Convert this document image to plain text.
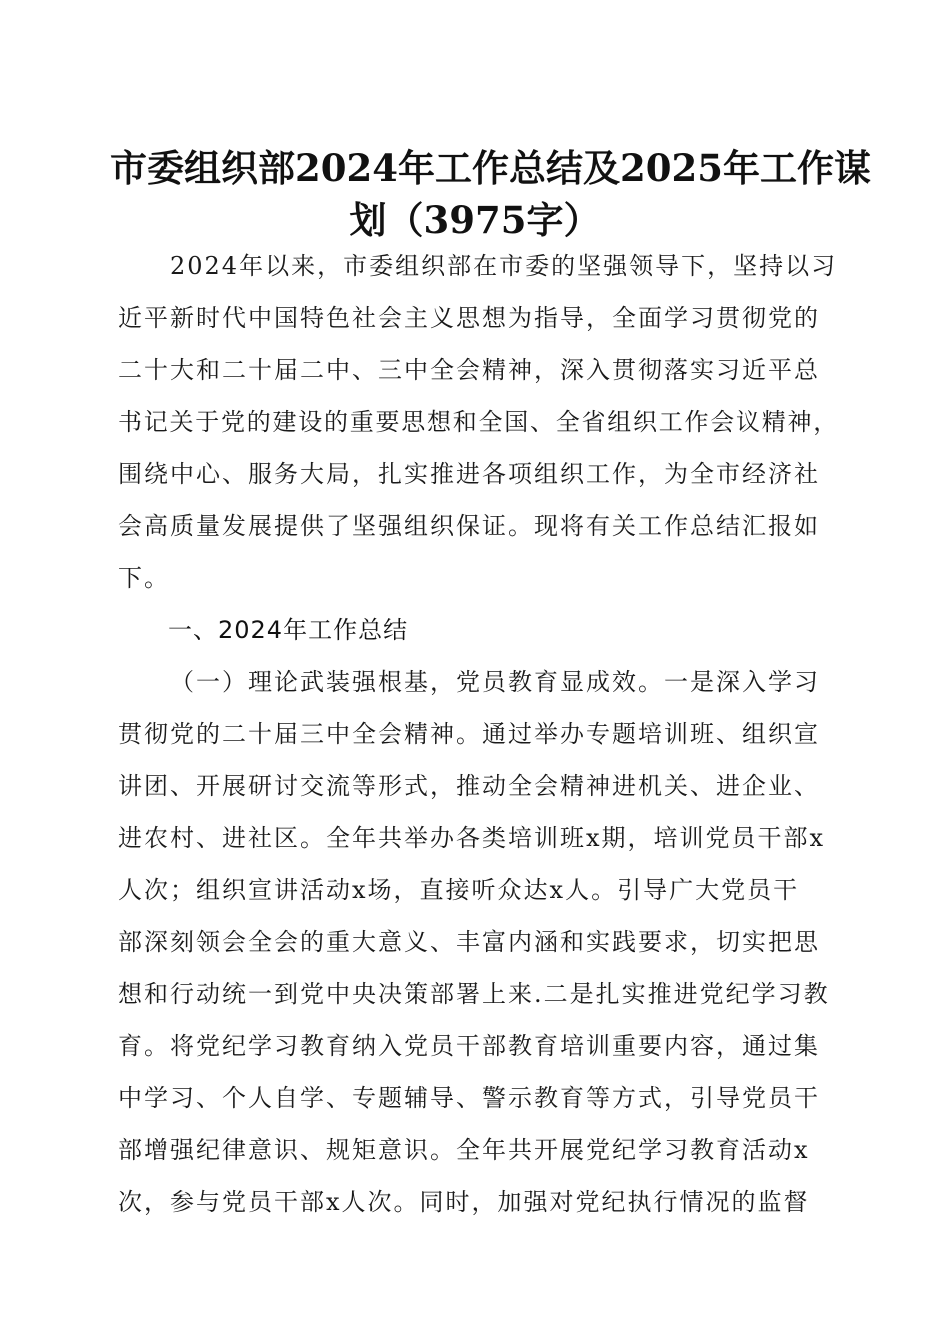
市委组织部2024年工作总结及2025年工作谋
划（3975字）
2024年以来，市委组织部在市委的坚强领导下，坚持以习
近平新时代中国特色社会主义思想为指导，全面学习贯彻党的
二十大和二十届二中、三中全会精神，深入贯彻落实习近平总
书记关于党的建设的重要思想和全国、全省组织工作会议精神，
围绕中心、服务大局，扎实推进各项组织工作，为全市经济社
会高质量发展提供了坚强组织保证。现将有关工作总结汇报如
下。
一、2024年工作总结
（一）理论武装强根基，党员教育显成效。一是深入学习
贯彻党的二十届三中全会精神。通过举办专题培训班、组织宣
讲团、开展研讨交流等形式，推动全会精神进机关、进企业、
进农村、进社区。全年共举办各类培训班x期，培训党员干部x
人次；组织宣讲活动x场，直接听众达x人。引导广大党员干
部深刻领会全会的重大意义、丰富内涵和实践要求，切实把思
想和行动统一到党中央决策部署上来.二是扎实推进党纪学习教
育。将党纪学习教育纳入党员干部教育培训重要内容，通过集
中学习、个人自学、专题辅导、警示教育等方式，引导党员干
部增强纪律意识、规矩意识。全年共开展党纪学习教育活动x
次，参与党员干部x人次。同时，加强对党纪执行情况的监督
